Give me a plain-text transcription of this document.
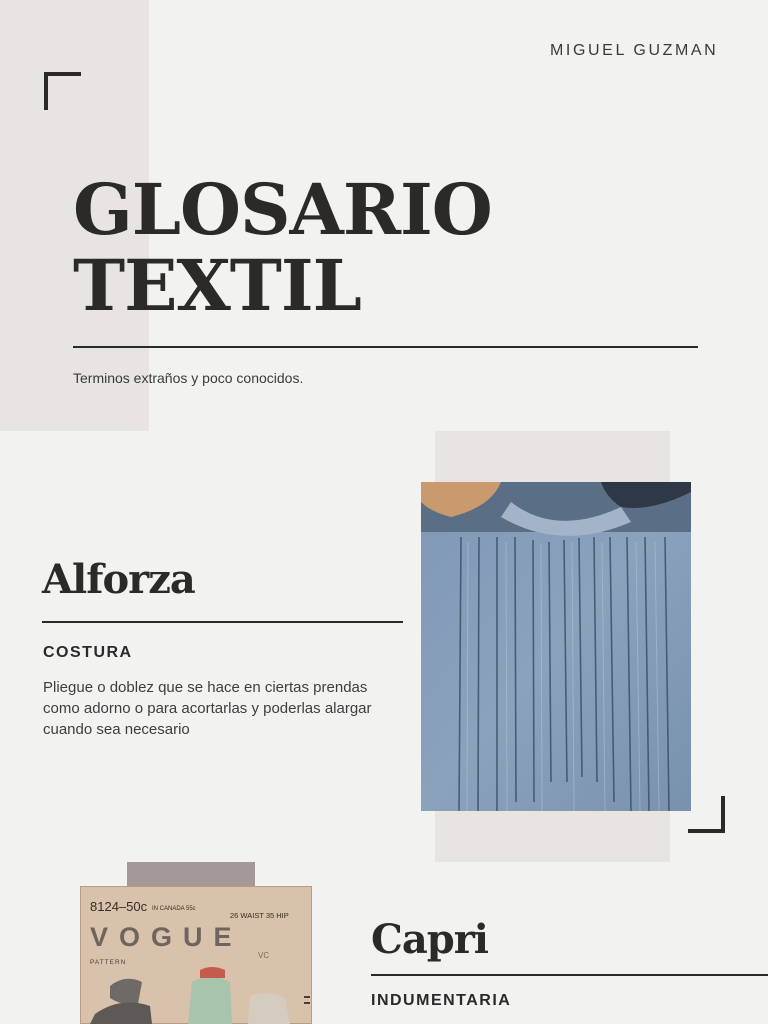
MIGUEL GUZMAN
GLOSARIO
TEXTIL
Terminos extraños y poco conocidos.
Alforza
COSTURA
Pliegue o doblez que se hace en ciertas prendas como adorno o para acortarlas y poderlas alargar cuando sea necesario
8124–50c IN CANADA 55c
26 WAIST 35 HIP
VOGUE
PATTERN
VC	Capri
INDUMENTARIA
